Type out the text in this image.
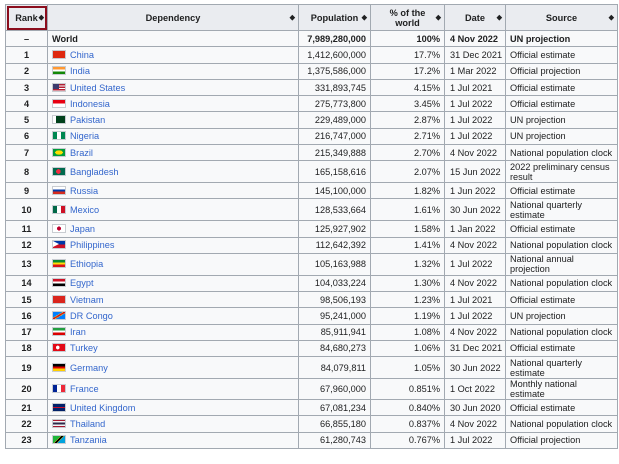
Rank ◆	Dependency ◆	Population ◆	% of the
world ◆	Date ◆	Source ◆

–	World	7,989,280,000	100%	4 Nov 2022	UN projection
1	China	1,412,600,000	17.7%	31 Dec 2021	Official estimate
2	India	1,375,586,000	17.2%	1 Mar 2022	Official projection
3	United States	331,893,745	4.15%	1 Jul 2021	Official estimate
4	Indonesia	275,773,800	3.45%	1 Jul 2022	Official estimate
5	Pakistan	229,489,000	2.87%	1 Jul 2022	UN projection
6	Nigeria	216,747,000	2.71%	1 Jul 2022	UN projection
7	Brazil	215,349,888	2.70%	4 Nov 2022	National population clock
8	Bangladesh	165,158,616	2.07%	15 Jun 2022	2022 preliminary census result
9	Russia	145,100,000	1.82%	1 Jun 2022	Official estimate
10	Mexico	128,533,664	1.61%	30 Jun 2022	National quarterly estimate
11	Japan	125,927,902	1.58%	1 Jan 2022	Official estimate
12	Philippines	112,642,392	1.41%	4 Nov 2022	National population clock
13	Ethiopia	105,163,988	1.32%	1 Jul 2022	National annual projection
14	Egypt	104,033,224	1.30%	4 Nov 2022	National population clock
15	Vietnam	98,506,193	1.23%	1 Jul 2021	Official estimate
16	DR Congo	95,241,000	1.19%	1 Jul 2022	UN projection
17	Iran	85,911,941	1.08%	4 Nov 2022	National population clock
18	Turkey	84,680,273	1.06%	31 Dec 2021	Official estimate
19	Germany	84,079,811	1.05%	30 Jun 2022	National quarterly estimate
20	France	67,960,000	0.851%	1 Oct 2022	Monthly national estimate
21	United Kingdom	67,081,234	0.840%	30 Jun 2020	Official estimate
22	Thailand	66,855,180	0.837%	4 Nov 2022	National population clock
23	Tanzania	61,280,743	0.767%	1 Jul 2022	Official projection
